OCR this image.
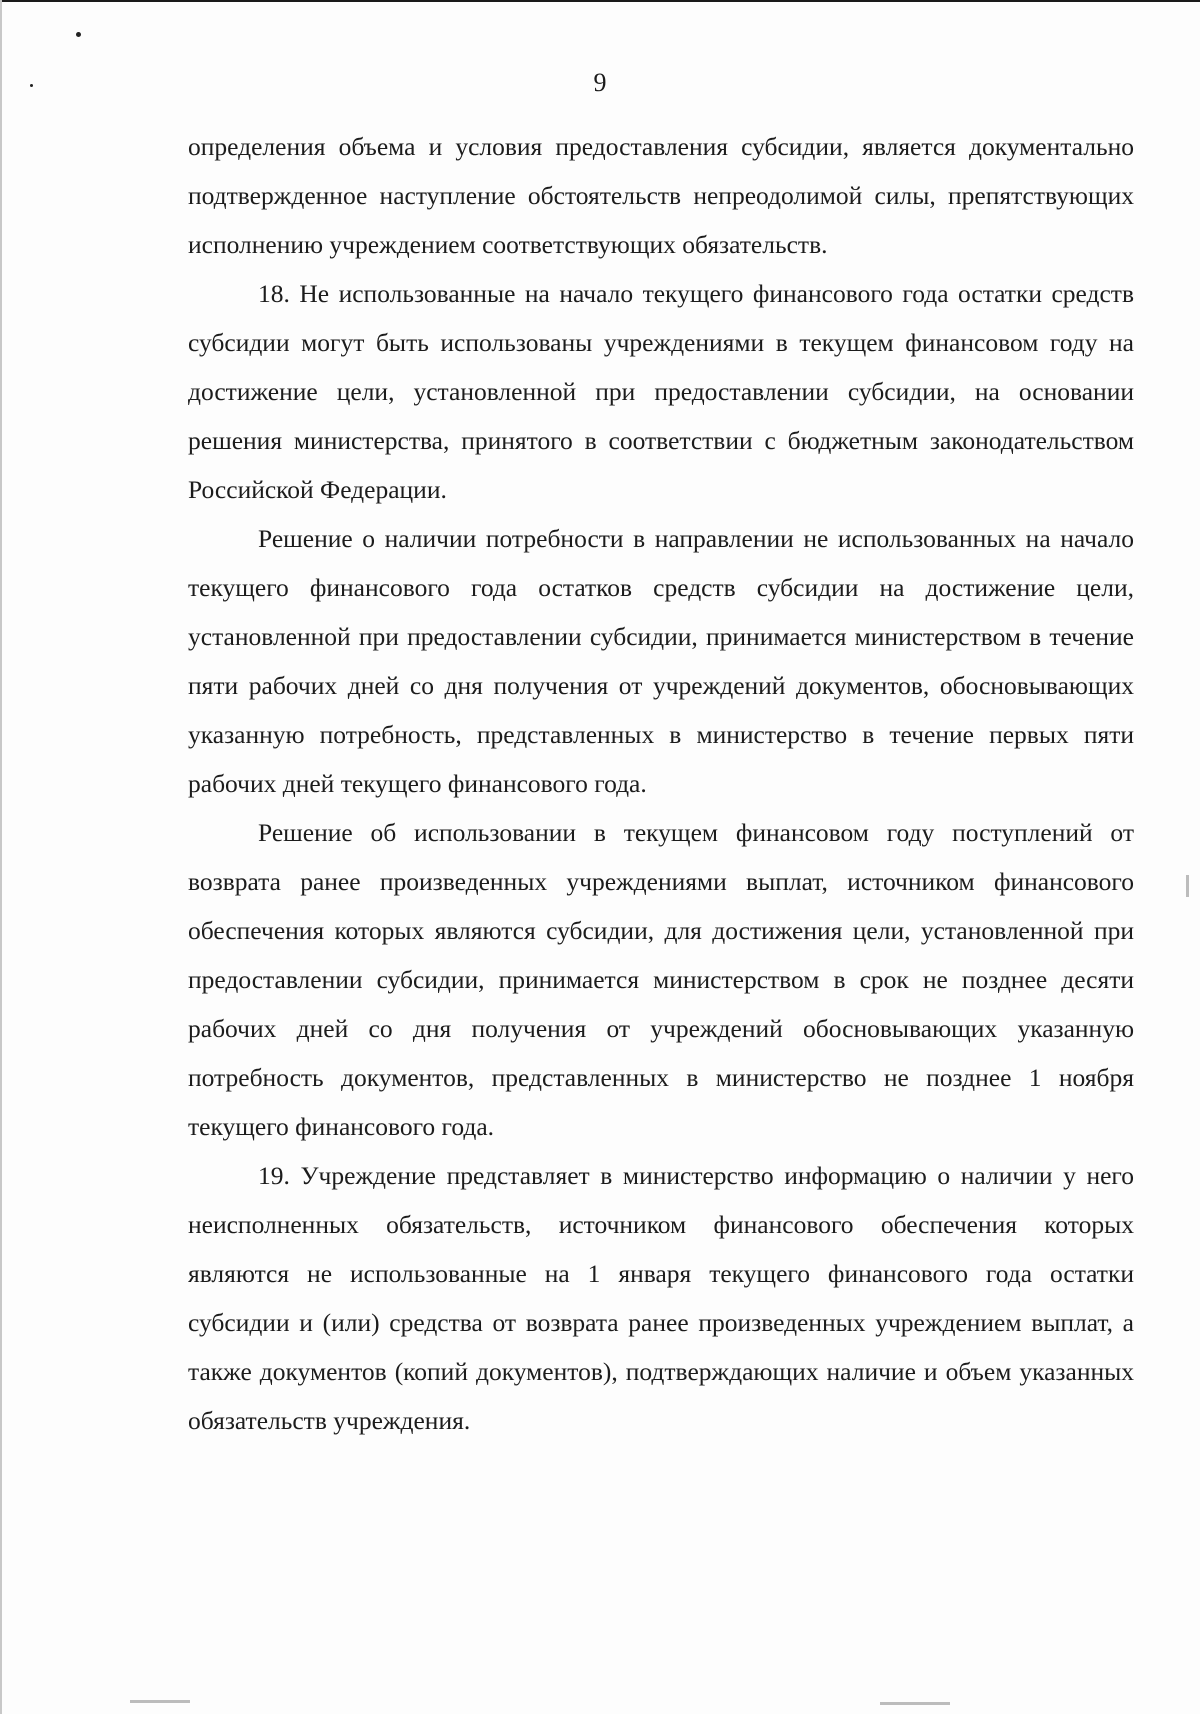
9

определения объема и условия предоставления субсидии, является документально подтвержденное наступление обстоятельств непреодолимой силы, препятствующих исполнению учреждением соответствующих обязательств.

18. Не использованные на начало текущего финансового года остатки средств субсидии могут быть использованы учреждениями в текущем финансовом году на достижение цели, установленной при предоставлении субсидии, на основании решения министерства, принятого в соответствии с бюджетным законодательством Российской Федерации.

Решение о наличии потребности в направлении не использованных на начало текущего финансового года остатков средств субсидии на достижение цели, установленной при предоставлении субсидии, принимается министерством в течение пяти рабочих дней со дня получения от учреждений документов, обосновывающих указанную потребность, представленных в министерство в течение первых пяти рабочих дней текущего финансового года.

Решение об использовании в текущем финансовом году поступлений от возврата ранее произведенных учреждениями выплат, источником финансового обеспечения которых являются субсидии, для достижения цели, установленной при предоставлении субсидии, принимается министерством в срок не позднее десяти рабочих дней со дня получения от учреждений обосновывающих указанную потребность документов, представленных в министерство не позднее 1 ноября текущего финансового года.

19. Учреждение представляет в министерство информацию о наличии у него неисполненных обязательств, источником финансового обеспечения которых являются не использованные на 1 января текущего финансового года остатки субсидии и (или) средства от возврата ранее произведенных учреждением выплат, а также документов (копий документов), подтверждающих наличие и объем указанных обязательств учреждения.
